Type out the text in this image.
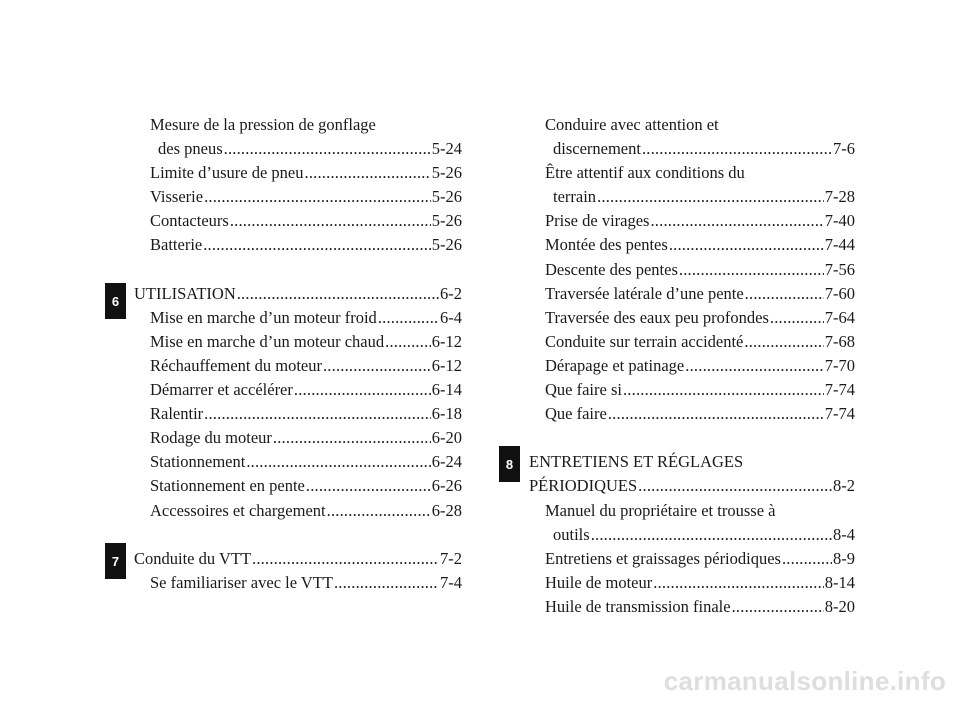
Mesure de la pression de gonflage
des pneus .....	5-24
Limite d’usure de pneu .....	5-26
Visserie .....	5-26
Contacteurs .....	5-26
Batterie .....	5-26
UTILISATION .....	6-2
Mise en marche d’un moteur froid .....	6-4
Mise en marche d’un moteur chaud .....	6-12
Réchauffement du moteur .....	6-12
Démarrer et accélérer .....	6-14
Ralentir .....	6-18
Rodage du moteur .....	6-20
Stationnement .....	6-24
Stationnement en pente .....	6-26
Accessoires et chargement .....	6-28
Conduite du VTT .....	7-2
Se familiariser avec le VTT .....	7-4
Conduire avec attention et
discernement .....	7-6
Être attentif aux conditions du
terrain .....	7-28
Prise de virages .....	7-40
Montée des pentes .....	7-44
Descente des pentes .....	7-56
Traversée latérale d’une pente .....	7-60
Traversée des eaux peu profondes .....	7-64
Conduite sur terrain accidenté .....	7-68
Dérapage et patinage .....	7-70
Que faire si .....	7-74
Que faire .....	7-74
ENTRETIENS ET RÉGLAGES
PÉRIODIQUES .....	8-2
Manuel du propriétaire et trousse à
outils .....	8-4
Entretiens et graissages périodiques .....	8-9
Huile de moteur .....	8-14
Huile de transmission finale .....	8-20
6
7
8
carmanualsonline.info
